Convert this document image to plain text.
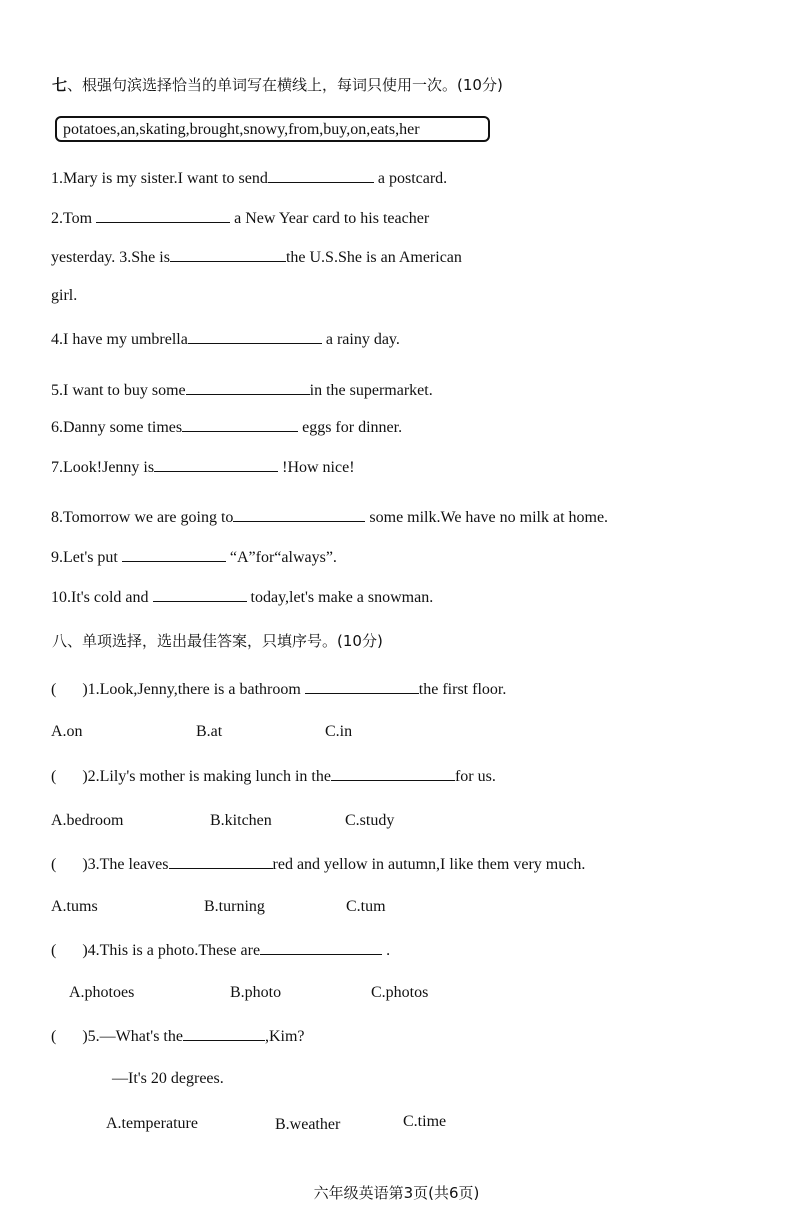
七、根强句滨选择恰当的单词写在横线上，每词只使用一次。(10分)
potatoes,an,skating,brought,snowy,from,buy,on,eats,her
1.Mary is my sister.I want to send	a postcard.
2.Tom	a New Year card to his teacher
yesterday. 3.She is	the U.S.She is an American
girl.
4.I have my umbrella	a rainy day.
5.I want to buy some	in the supermarket.
6.Danny some times	eggs for dinner.
7.Look!Jenny is	!How nice!
8.Tomorrow we are going to	some milk.We have no milk at home.
9.Let's put	“A”for“always”.
10.It's cold and	today,let's make a snowman.
八、单项选择，选出最佳答案，只填序号。(10分)
( )1.Look,Jenny,there is a bathroom	the first floor.
A.on	B.at	C.in
( )2.Lily's mother is making lunch in the	for us.
A.bedroom	B.kitchen	C.study
( )3.The leaves	red and yellow in autumn,I like them very much.
A.tums	B.turning	C.tum
( )4.This is a photo.These are	.
A.photoes	B.photo	C.photos
( )5.—What's the	,Kim?
—It's 20 degrees.
A.temperature	B.weather	C.time
六年级英语第3页(共6页)
